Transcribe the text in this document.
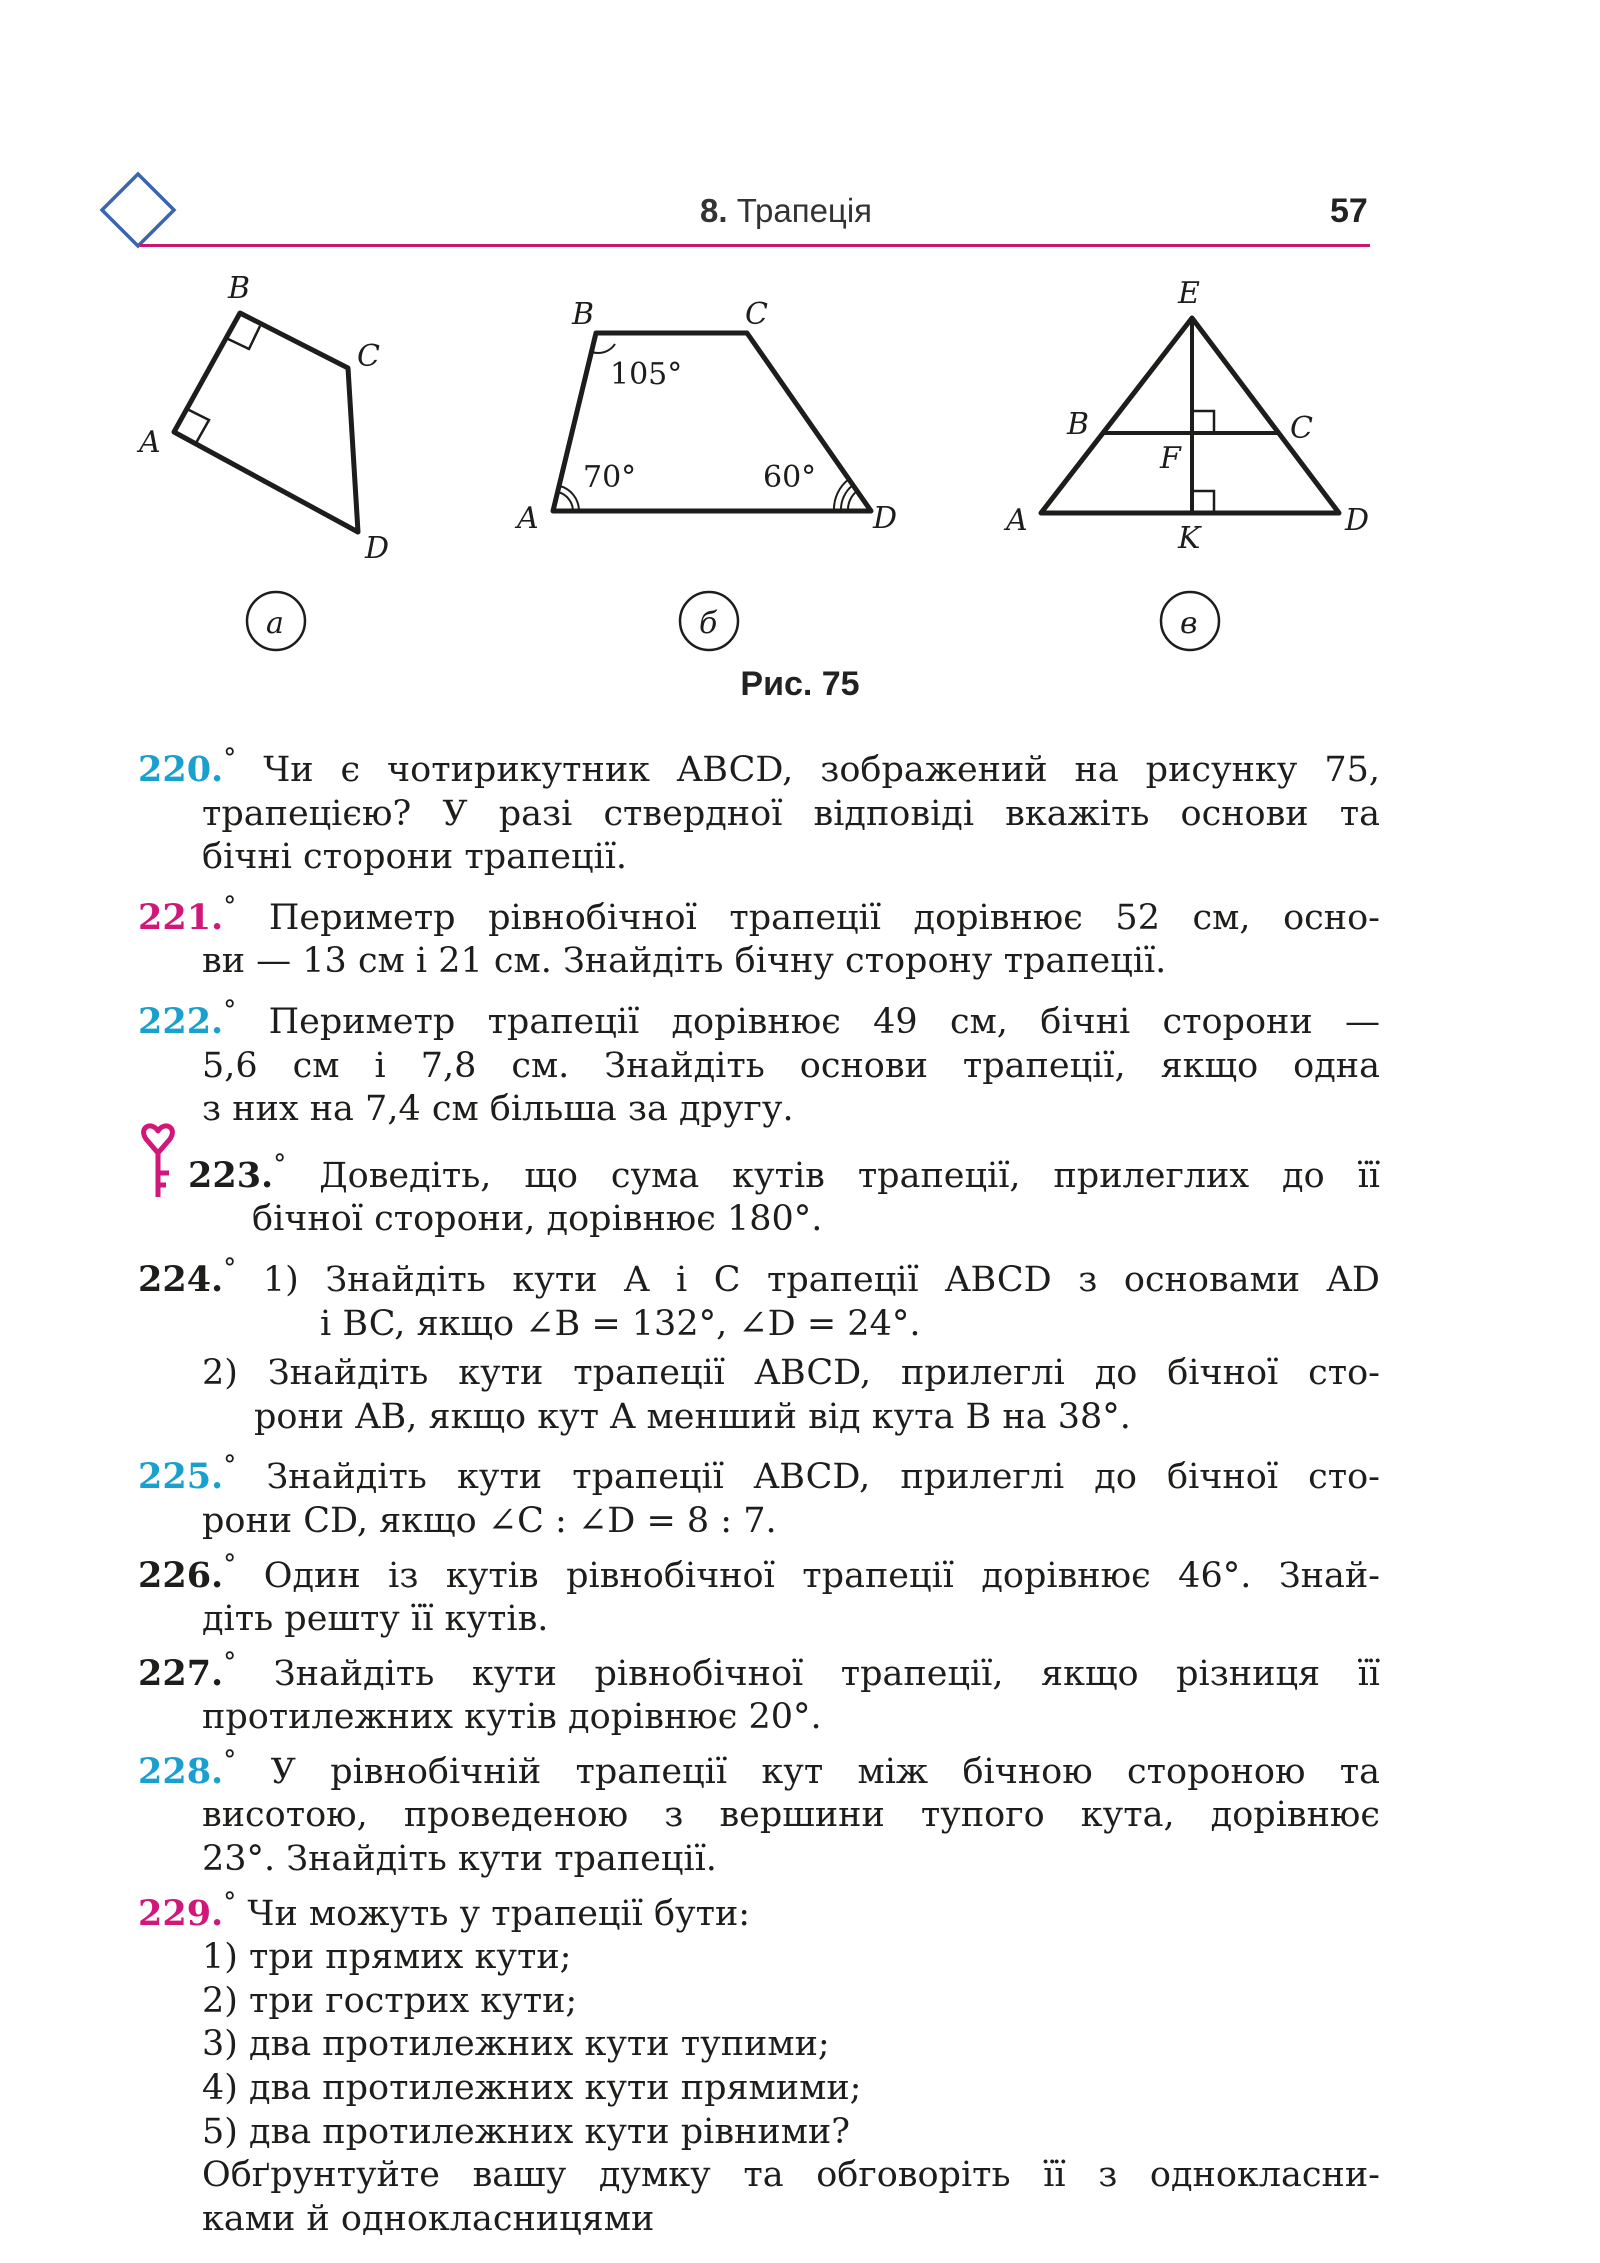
8. Трапеція	57
B
C
A
D
а
B	C
A	D
105°
70°	60°
б
E
B	C
F
A
K
D
в
Рис. 75
220.° Чи є чотирикутник ABCD, зображений на рисунку 75,
трапецією? У разі ствердної відповіді вкажіть основи та
бічні сторони трапеції.
221.° Периметр рівнобічної трапеції дорівнює 52 см, осно-
ви — 13 см і 21 см. Знайдіть бічну сторону трапеції.
222.° Периметр трапеції дорівнює 49 см, бічні сторони —
5,6 см і 7,8 см. Знайдіть основи трапеції, якщо одна
з них на 7,4 см більша за другу.
223.° Доведіть, що сума кутів трапеції, прилеглих до її
бічної сторони, дорівнює 180°.
224.° 1) Знайдіть кути A і C трапеції ABCD з основами AD
і BC, якщо ∠B = 132°, ∠D = 24°.
2) Знайдіть кути трапеції ABCD, прилеглі до бічної сто-
рони AB, якщо кут A менший від кута B на 38°.
225.° Знайдіть кути трапеції ABCD, прилеглі до бічної сто-
рони CD, якщо ∠C : ∠D = 8 : 7.
226.° Один із кутів рівнобічної трапеції дорівнює 46°. Знай-
діть решту її кутів.
227.° Знайдіть кути рівнобічної трапеції, якщо різниця її
протилежних кутів дорівнює 20°.
228.° У рівнобічній трапеції кут між бічною стороною та
висотою, проведеною з вершини тупого кута, дорівнює
23°. Знайдіть кути трапеції.
229.° Чи можуть у трапеції бути:
1) три прямих кути;
2) три гострих кути;
3) два протилежних кути тупими;
4) два протилежних кути прямими;
5) два протилежних кути рівними?
Обґрунтуйте вашу думку та обговоріть її з однокласни-
ками й однокласницями
